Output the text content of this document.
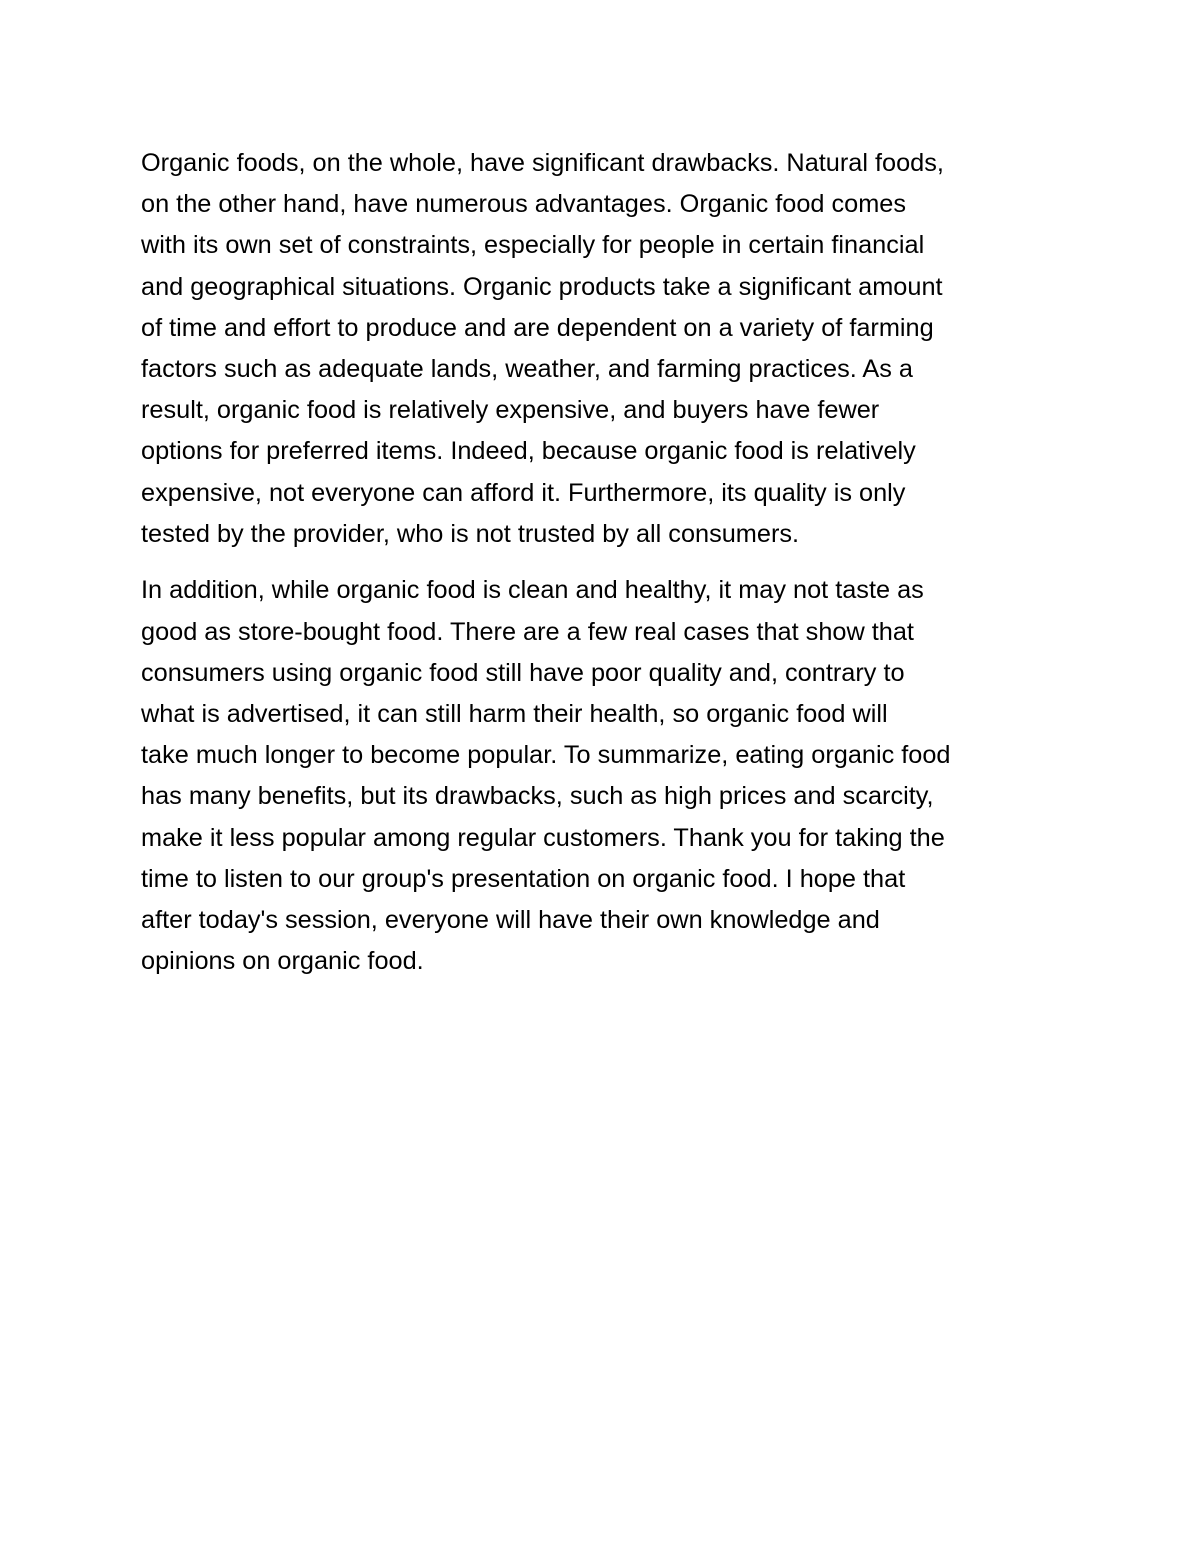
Organic foods, on the whole, have significant drawbacks. Natural foods,
on the other hand, have numerous advantages. Organic food comes
with its own set of constraints, especially for people in certain financial
and geographical situations. Organic products take a significant amount
of time and effort to produce and are dependent on a variety of farming
factors such as adequate lands, weather, and farming practices. As a
result, organic food is relatively expensive, and buyers have fewer
options for preferred items. Indeed, because organic food is relatively
expensive, not everyone can afford it. Furthermore, its quality is only
tested by the provider, who is not trusted by all consumers.

In addition, while organic food is clean and healthy, it may not taste as
good as store-bought food. There are a few real cases that show that
consumers using organic food still have poor quality and, contrary to
what is advertised, it can still harm their health, so organic food will
take much longer to become popular. To summarize, eating organic food
has many benefits, but its drawbacks, such as high prices and scarcity,
make it less popular among regular customers. Thank you for taking the
time to listen to our group's presentation on organic food. I hope that
after today's session, everyone will have their own knowledge and
opinions on organic food.
